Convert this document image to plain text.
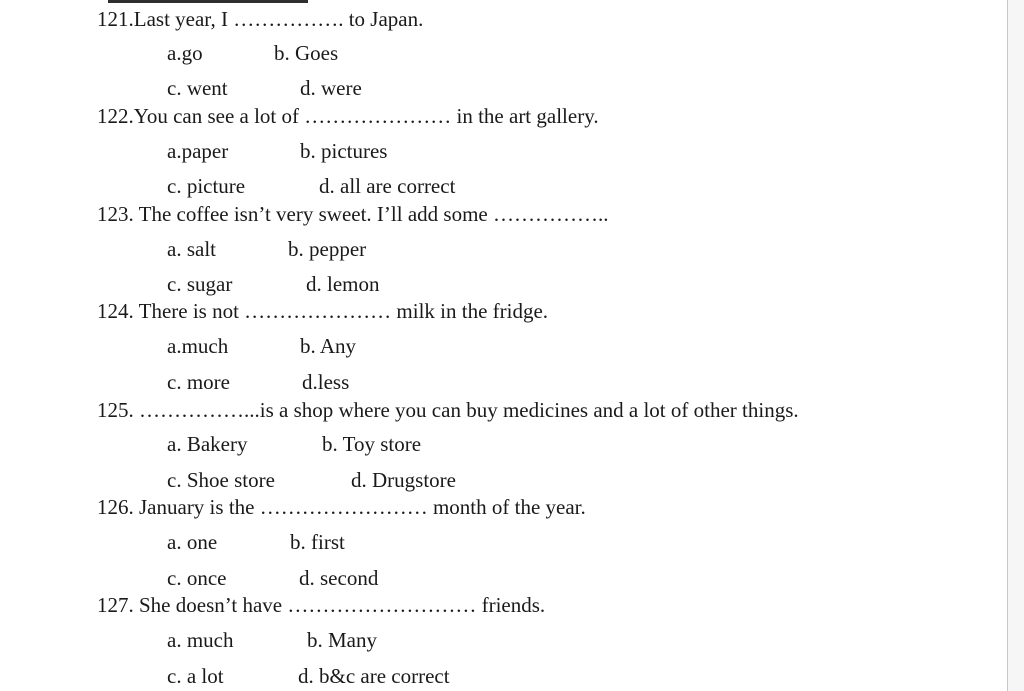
121.Last year, I ……………. to Japan.
a.go	b. Goes
c. went	d. were
122.You can see a lot of ………………… in the art gallery.
a.paper	b. pictures
c. picture	d. all are correct
123. The coffee isn’t very sweet. I’ll add some ……………..
a. salt	b. pepper
c. sugar	d. lemon
124. There is not ………………… milk in the fridge.
a.much	b. Any
c. more	d.less
125. ……………...is a shop where you can buy medicines and a lot of other things.
a. Bakery	b. Toy store
c. Shoe store	d. Drugstore
126. January is the …………………… month of the year.
a. one	b. first
c. once	d. second
127. She doesn’t have ……………………… friends.
a. much	b. Many
c. a lot	d. b&c are correct
